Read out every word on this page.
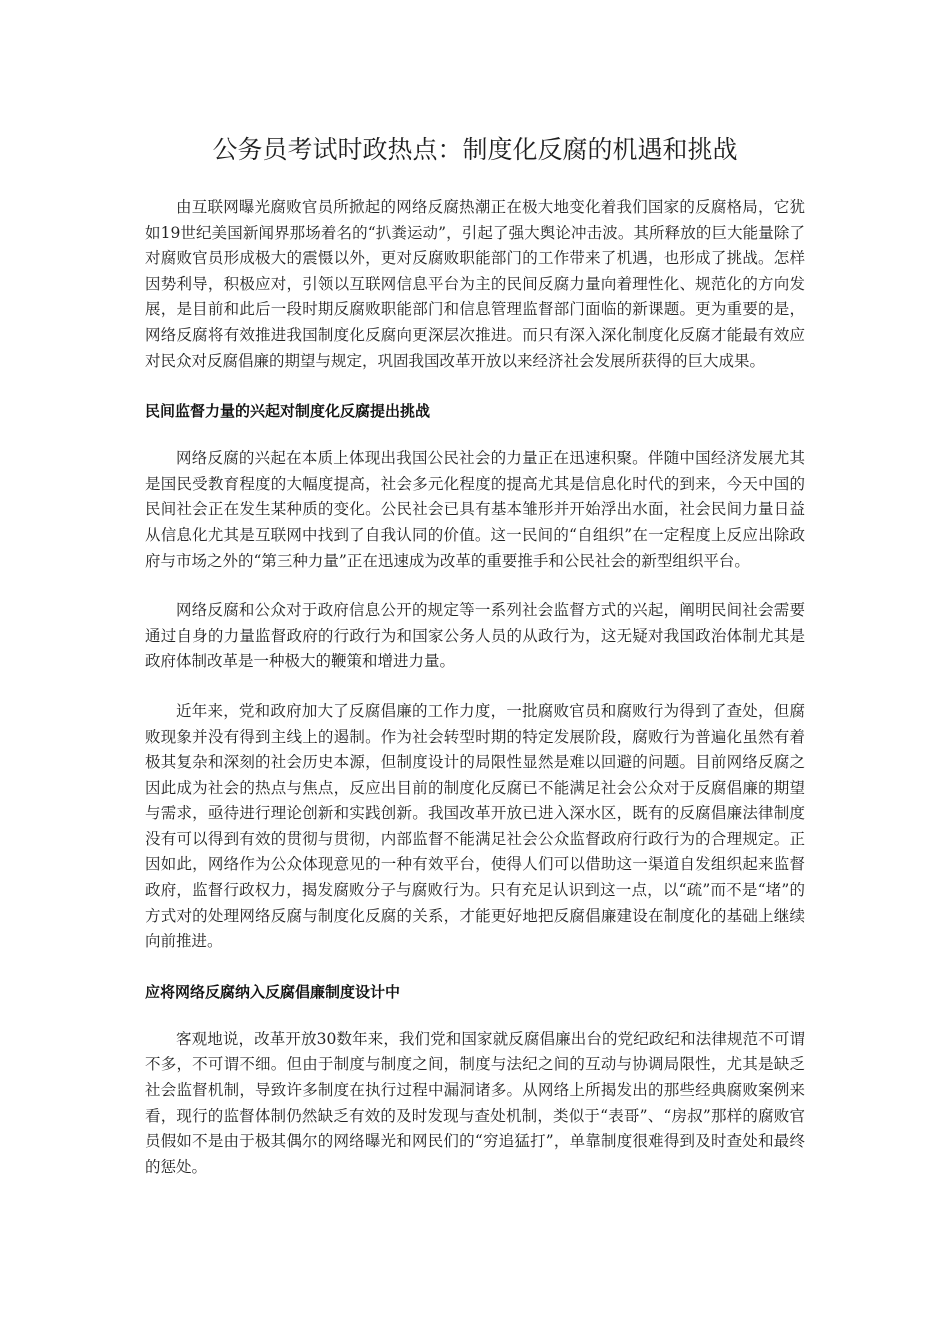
公务员考试时政热点：制度化反腐的机遇和挑战

由互联网曝光腐败官员所掀起的网络反腐热潮正在极大地变化着我们国家的反腐格局，它犹如19世纪美国新闻界那场着名的“扒粪运动”，引起了强大舆论冲击波。其所释放的巨大能量除了对腐败官员形成极大的震慑以外，更对反腐败职能部门的工作带来了机遇，也形成了挑战。怎样因势利导，积极应对，引领以互联网信息平台为主的民间反腐力量向着理性化、规范化的方向发展，是目前和此后一段时期反腐败职能部门和信息管理监督部门面临的新课题。更为重要的是，网络反腐将有效推进我国制度化反腐向更深层次推进。而只有深入深化制度化反腐才能最有效应对民众对反腐倡廉的期望与规定，巩固我国改革开放以来经济社会发展所获得的巨大成果。

民间监督力量的兴起对制度化反腐提出挑战

网络反腐的兴起在本质上体现出我国公民社会的力量正在迅速积聚。伴随中国经济发展尤其是国民受教育程度的大幅度提高，社会多元化程度的提高尤其是信息化时代的到来，今天中国的民间社会正在发生某种质的变化。公民社会已具有基本雏形并开始浮出水面，社会民间力量日益从信息化尤其是互联网中找到了自我认同的价值。这一民间的“自组织”在一定程度上反应出除政府与市场之外的“第三种力量”正在迅速成为改革的重要推手和公民社会的新型组织平台。

网络反腐和公众对于政府信息公开的规定等一系列社会监督方式的兴起，阐明民间社会需要通过自身的力量监督政府的行政行为和国家公务人员的从政行为，这无疑对我国政治体制尤其是政府体制改革是一种极大的鞭策和增进力量。

近年来，党和政府加大了反腐倡廉的工作力度，一批腐败官员和腐败行为得到了查处，但腐败现象并没有得到主线上的遏制。作为社会转型时期的特定发展阶段，腐败行为普遍化虽然有着极其复杂和深刻的社会历史本源，但制度设计的局限性显然是难以回避的问题。目前网络反腐之因此成为社会的热点与焦点，反应出目前的制度化反腐已不能满足社会公众对于反腐倡廉的期望与需求，亟待进行理论创新和实践创新。我国改革开放已进入深水区，既有的反腐倡廉法律制度没有可以得到有效的贯彻与贯彻，内部监督不能满足社会公众监督政府行政行为的合理规定。正因如此，网络作为公众体现意见的一种有效平台，使得人们可以借助这一渠道自发组织起来监督政府，监督行政权力，揭发腐败分子与腐败行为。只有充足认识到这一点，以“疏”而不是“堵”的方式对的处理网络反腐与制度化反腐的关系，才能更好地把反腐倡廉建设在制度化的基础上继续向前推进。

应将网络反腐纳入反腐倡廉制度设计中

客观地说，改革开放30数年来，我们党和国家就反腐倡廉出台的党纪政纪和法律规范不可谓不多，不可谓不细。但由于制度与制度之间，制度与法纪之间的互动与协调局限性，尤其是缺乏社会监督机制，导致许多制度在执行过程中漏洞诸多。从网络上所揭发出的那些经典腐败案例来看，现行的监督体制仍然缺乏有效的及时发现与查处机制，类似于“表哥”、“房叔”那样的腐败官员假如不是由于极其偶尔的网络曝光和网民们的“穷追猛打”，单靠制度很难得到及时查处和最终的惩处。
